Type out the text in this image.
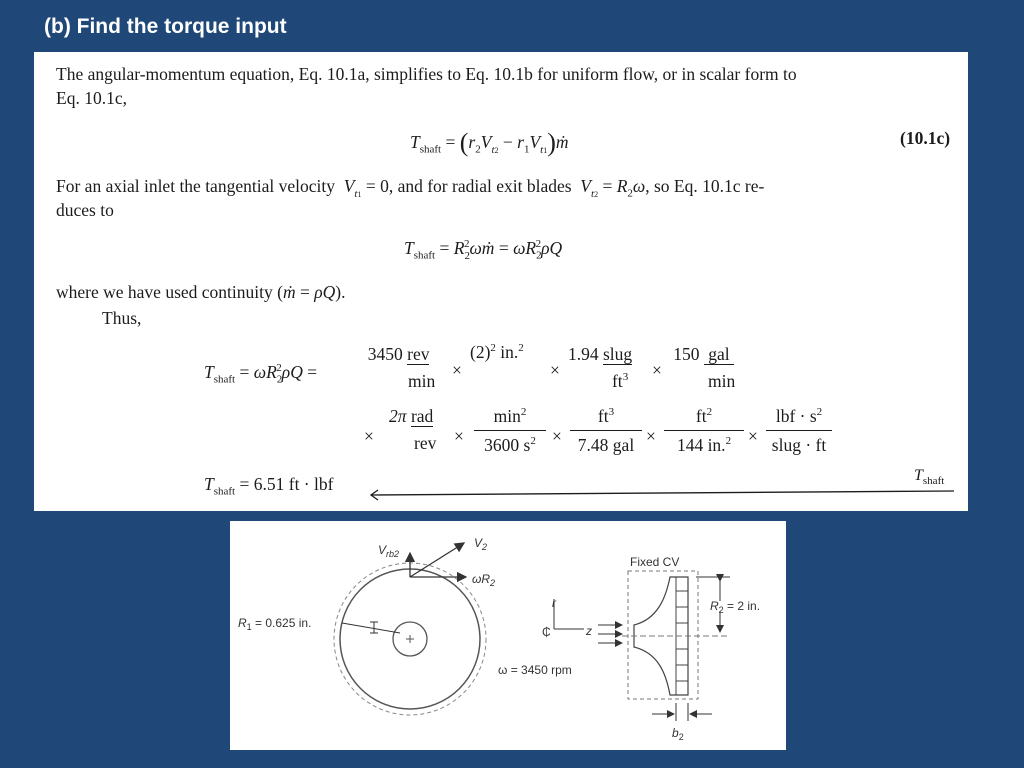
(b) Find the torque input
The angular-momentum equation, Eq. 10.1a, simplifies to Eq. 10.1b for uniform flow, or in scalar form to
Eq. 10.1c,
$T_{shaft} = (r_2V_{t2}$ − $r_1V_{t1})ṁ$	(10.1c)
For an axial inlet the tangential velocity $V_{t1} = 0$, and for radial exit blades $V_{t2} = R_2\omega$, so Eq. 10.1c re-
duces to
$T_{shaft}$ = $R_2^2\omega ṁ = \omega R_2^2\rho Q$
where we have used continuity (ṁ = ρQ).
Thus,
$T_{shaft} = \omega R_2^2\rho Q$ =
3450 rev
min
×
$(2)^2$ in.$^2$
×
1.94 slug
$ft^3$	×
150  gal
min
×
2π rad
rev ×
$\min^2$
3600 $s^2$ ×
$ft^3$
7.48 gal ×
$ft^2$
144 in.$^2$ ×
lbf · $s^2$
slug · ft
$T_{shaft} = 6.51$ ft · lbf	$T_{shaft}$
$V_{rb2}$
$V_2$
$\omega R_2$
$R_1 = 0.625$ in.
₵
r
z
ω = 3450 rpm
Fixed CV
$R_2 = 2$ in.
$b_2$
